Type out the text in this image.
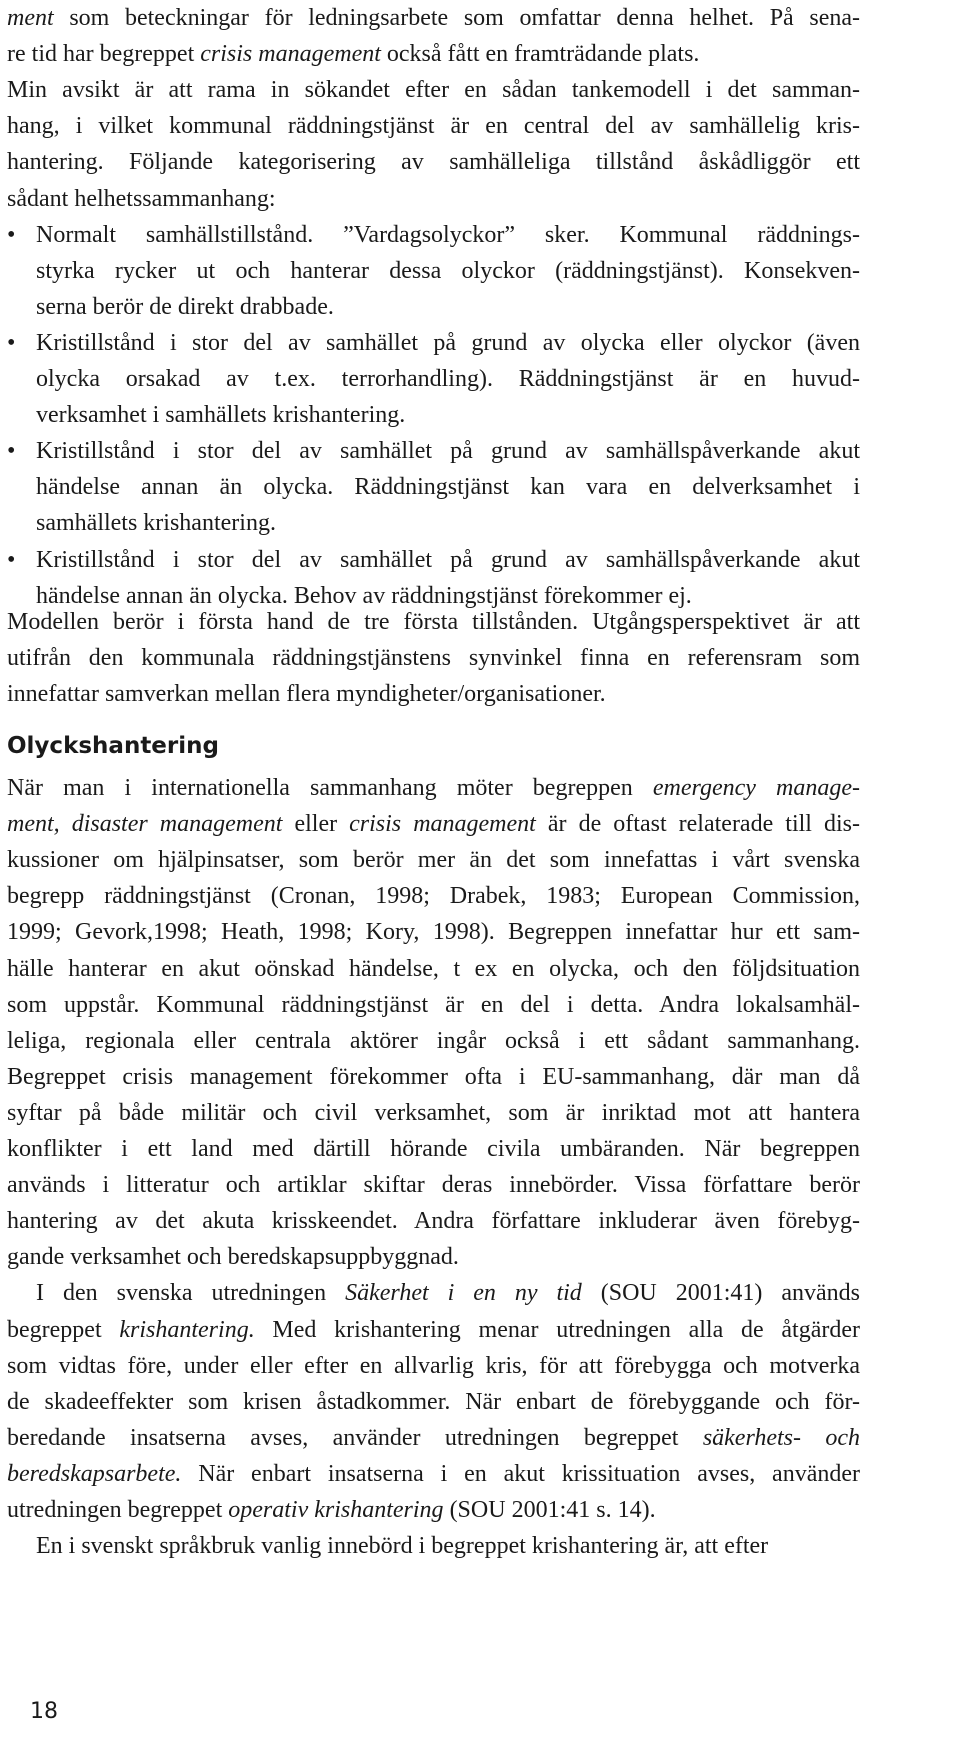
ment som beteckningar för ledningsarbete som omfattar denna helhet. På sena-
re tid har begreppet crisis management också fått en framträdande plats.
Min avsikt är att rama in sökandet efter en sådan tankemodell i det samman-
hang, i vilket kommunal räddningstjänst är en central del av samhällelig kris-
hantering. Följande kategorisering av samhälleliga tillstånd åskådliggör ett
sådant helhetssammanhang:
• Normalt samhällstillstånd. ”Vardagsolyckor” sker. Kommunal räddnings-
styrka rycker ut och hanterar dessa olyckor (räddningstjänst). Konsekven-
serna berör de direkt drabbade.
• Kristillstånd i stor del av samhället på grund av olycka eller olyckor (även
olycka orsakad av t.ex. terrorhandling). Räddningstjänst är en huvud-
verksamhet i samhällets krishantering.
• Kristillstånd i stor del av samhället på grund av samhällspåverkande akut
händelse annan än olycka. Räddningstjänst kan vara en delverksamhet i
samhällets krishantering.
• Kristillstånd i stor del av samhället på grund av samhällspåverkande akut
händelse annan än olycka. Behov av räddningstjänst förekommer ej.
Modellen berör i första hand de tre första tillstånden. Utgångsperspektivet är att
utifrån den kommunala räddningstjänstens synvinkel finna en referensram som
innefattar samverkan mellan flera myndigheter/organisationer.
Olyckshantering
När man i internationella sammanhang möter begreppen emergency manage-
ment, disaster management eller crisis management är de oftast relaterade till dis-
kussioner om hjälpinsatser, som berör mer än det som innefattas i vårt svenska
begrepp räddningstjänst (Cronan, 1998; Drabek, 1983; European Commission,
1999; Gevork,1998; Heath, 1998; Kory, 1998). Begreppen innefattar hur ett sam-
hälle hanterar en akut oönskad händelse, t ex en olycka, och den följdsituation
som uppstår. Kommunal räddningstjänst är en del i detta. Andra lokalsamhäl-
leliga, regionala eller centrala aktörer ingår också i ett sådant sammanhang.
Begreppet crisis management förekommer ofta i EU-sammanhang, där man då
syftar på både militär och civil verksamhet, som är inriktad mot att hantera
konflikter i ett land med därtill hörande civila umbäranden. När begreppen
används i litteratur och artiklar skiftar deras innebörder. Vissa författare berör
hantering av det akuta krisskeendet. Andra författare inkluderar även förebyg-
gande verksamhet och beredskapsuppbyggnad.
I den svenska utredningen Säkerhet i en ny tid (SOU 2001:41) används
begreppet krishantering. Med krishantering menar utredningen alla de åtgärder
som vidtas före, under eller efter en allvarlig kris, för att förebygga och motverka
de skadeeffekter som krisen åstadkommer. När enbart de förebyggande och för-
beredande insatserna avses, använder utredningen begreppet säkerhets- och
beredskapsarbete. När enbart insatserna i en akut krissituation avses, använder
utredningen begreppet operativ krishantering (SOU 2001:41 s. 14).
En i svenskt språkbruk vanlig innebörd i begreppet krishantering är, att efter
18
